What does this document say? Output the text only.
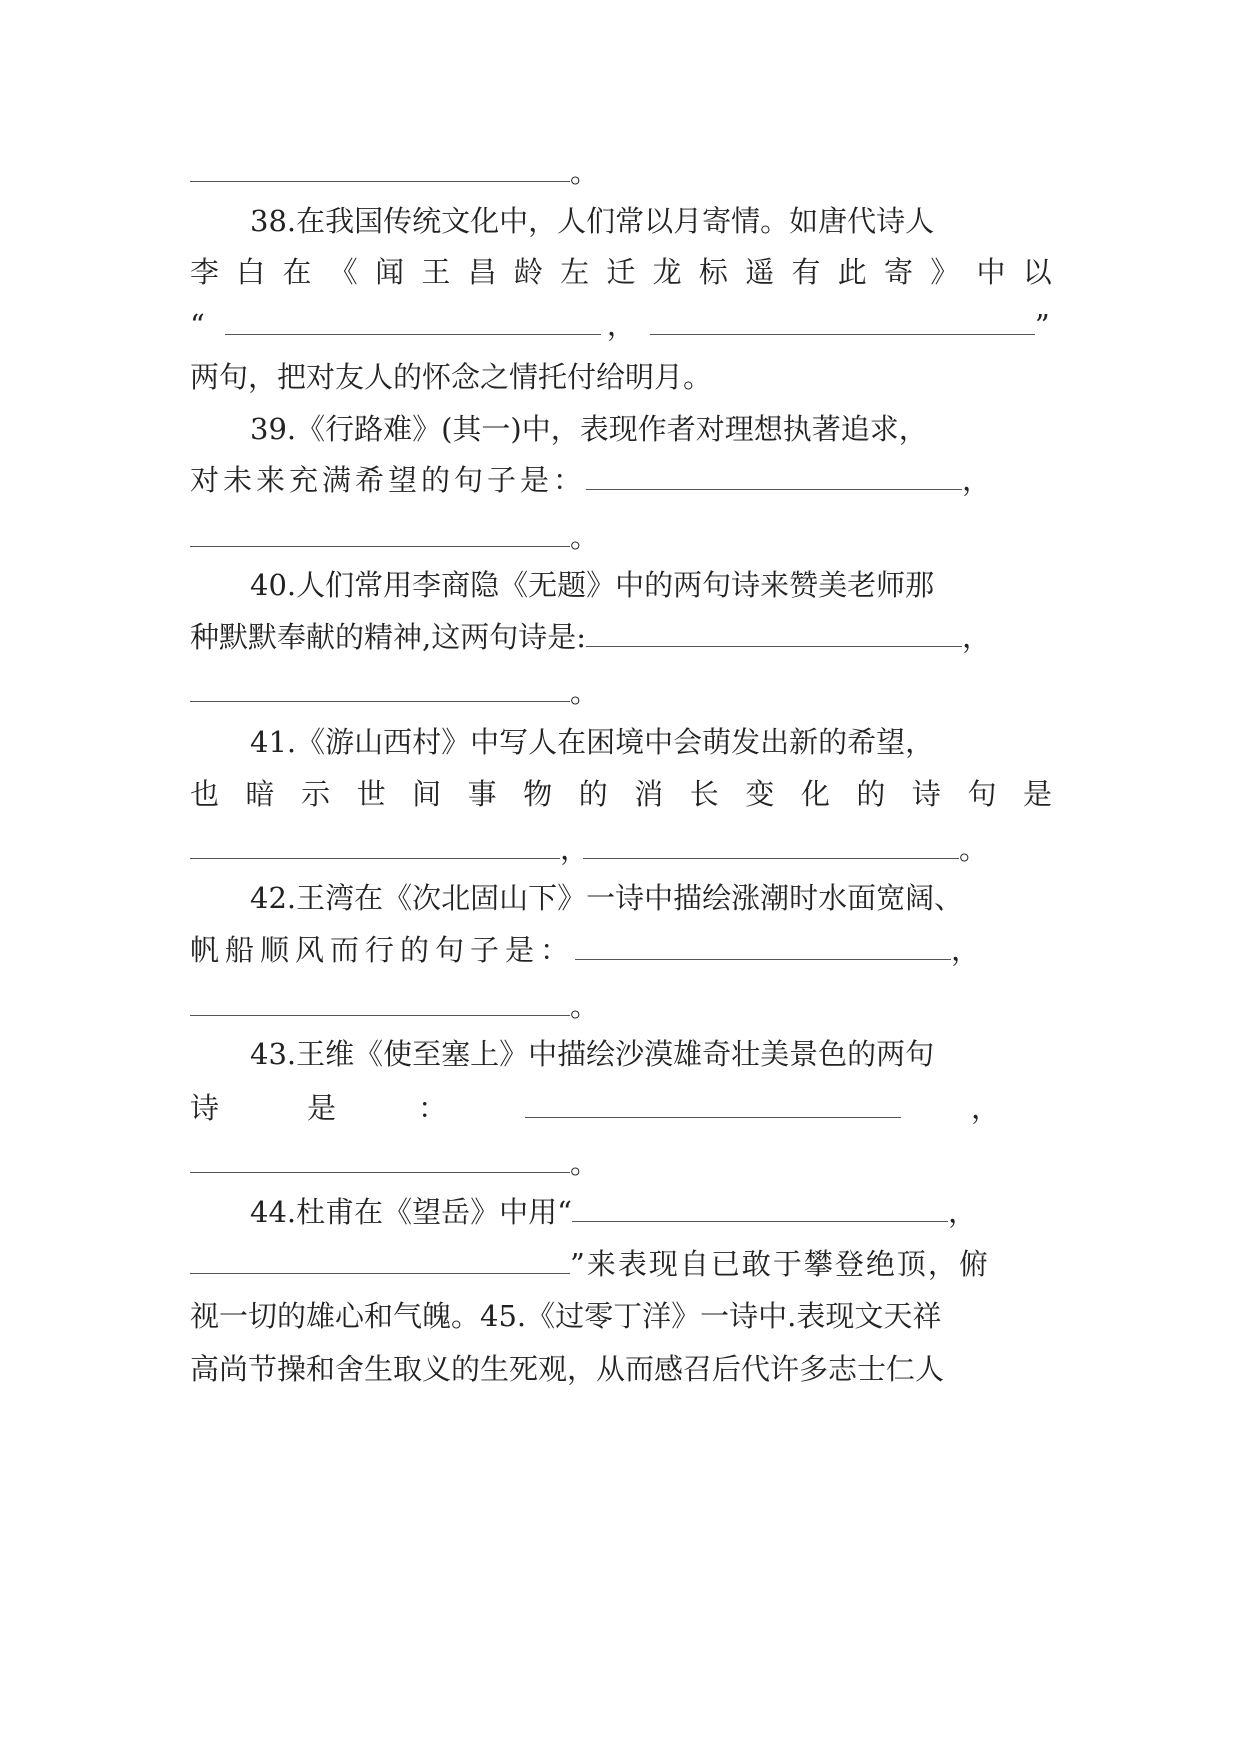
。
38.在我国传统文化中，人们常以月寄情。如唐代诗人
李 白 在 《 闻 王 昌 龄 左 迁 龙 标 遥 有 此 寄 》 中 以
“	，	”
两句，把对友人的怀念之情托付给明月。
39.《行路难》(其一)中，表现作者对理想执著追求，
对未来充满希望的句子是：	，
。
40.人们常用李商隐《无题》中的两句诗来赞美老师那
种默默奉献的精神,这两句诗是:	，
。
41.《游山西村》中写人在困境中会萌发出新的希望，
也 暗 示 世 间 事 物 的 消 长 变 化 的 诗 句 是
，	。
42.王湾在《次北固山下》一诗中描绘涨潮时水面宽阔、
帆船顺风而行的句子是：	，
。
43.王维《使至塞上》中描绘沙漠雄奇壮美景色的两句
诗	是	：	，
。
44.杜甫在《望岳》中用“	，
”来表现自已敢于攀登绝顶，俯
视一切的雄心和气魄。45.《过零丁洋》一诗中.表现文天祥
高尚节操和舍生取义的生死观，从而感召后代许多志士仁人
